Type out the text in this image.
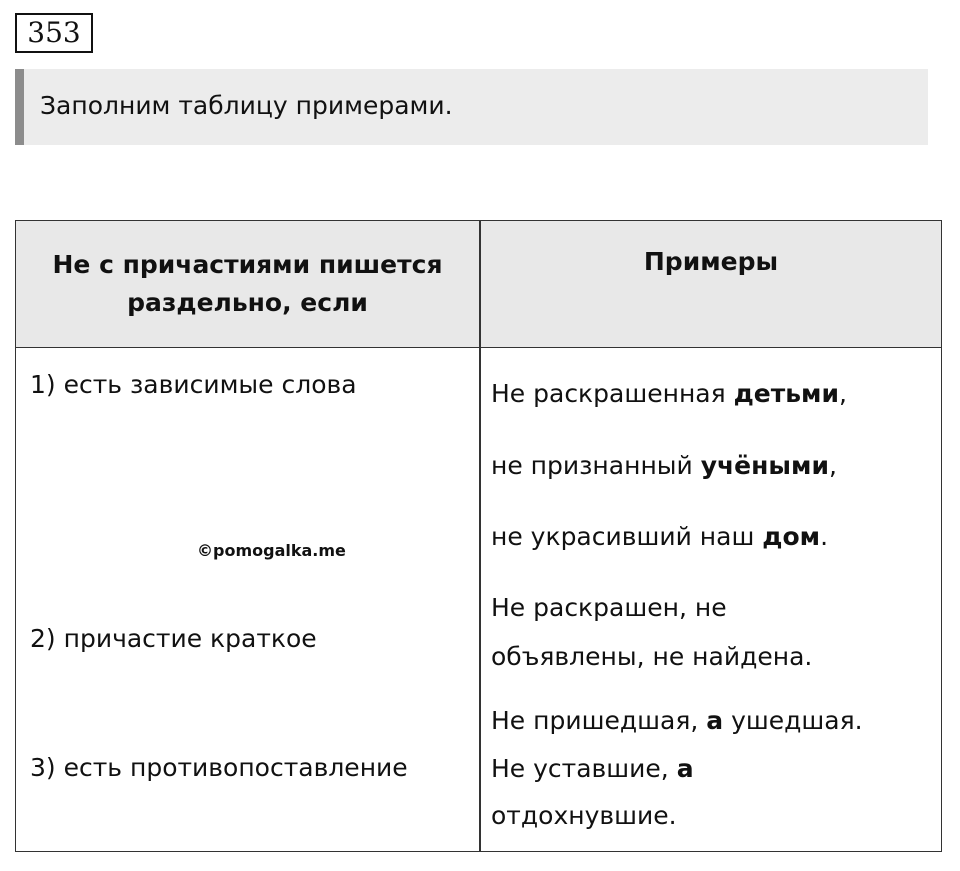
353
Заполним таблицу примерами.
Не с причастиями пишется раздельно, если
Примеры
1) есть зависимые слова	Не раскрашенная детьми,
не признанный учёными,
не украсивший наш дом.
2) причастие краткое
Не раскрашен, не
объявлены, не найдена.
3) есть противопоставление
Не пришедшая, а ушедшая.
Не уставшие, а
отдохнувшие.
©pomogalka.me
